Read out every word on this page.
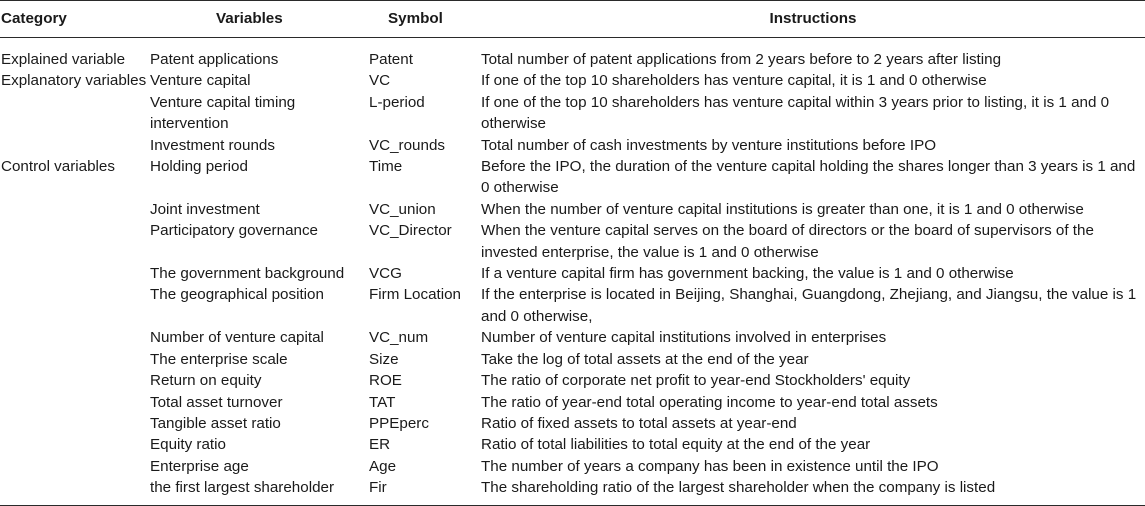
Category	Variables	Symbol	Instructions
Explained variable	Patent applications	Patent	Total number of patent applications from 2 years before to 2 years after listing
Explanatory variables	Venture capital	VC	If one of the top 10 shareholders has venture capital, it is 1 and 0 otherwise
	Venture capital timing intervention	L-period	If one of the top 10 shareholders has venture capital within 3 years prior to listing, it is 1 and 0 otherwise
	Investment rounds	VC_rounds	Total number of cash investments by venture institutions before IPO
Control variables	Holding period	Time	Before the IPO, the duration of the venture capital holding the shares longer than 3 years is 1 and 0 otherwise
	Joint investment	VC_union	When the number of venture capital institutions is greater than one, it is 1 and 0 otherwise
	Participatory governance	VC_Director	When the venture capital serves on the board of directors or the board of supervisors of the invested enterprise, the value is 1 and 0 otherwise
	The government background	VCG	If a venture capital firm has government backing, the value is 1 and 0 otherwise
	The geographical position	Firm Location	If the enterprise is located in Beijing, Shanghai, Guangdong, Zhejiang, and Jiangsu, the value is 1 and 0 otherwise,
	Number of venture capital	VC_num	Number of venture capital institutions involved in enterprises
	The enterprise scale	Size	Take the log of total assets at the end of the year
	Return on equity	ROE	The ratio of corporate net profit to year-end Stockholders' equity
	Total asset turnover	TAT	The ratio of year-end total operating income to year-end total assets
	Tangible asset ratio	PPEperc	Ratio of fixed assets to total assets at year-end
	Equity ratio	ER	Ratio of total liabilities to total equity at the end of the year
	Enterprise age	Age	The number of years a company has been in existence until the IPO
	the first largest shareholder	Fir	The shareholding ratio of the largest shareholder when the company is listed
